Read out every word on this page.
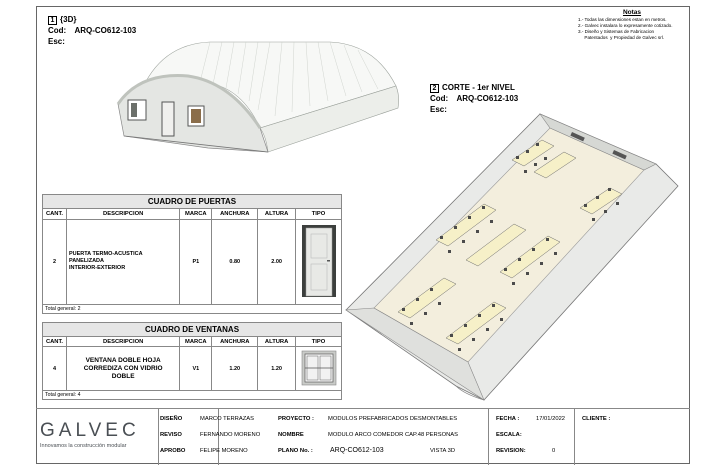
1 {3D}
Cod: ARQ-CO612-103
Esc:
Notas
1.- Todas las dimensiones estan en metros.
2.- Galvec instalara lo expresamente cotizado.
3.- Diseño y Sistemas de Fabricacion
Patentados  y Propiedad de Galvec srl.
2 CORTE - 1er NIVEL
Cod: ARQ-CO612-103
Esc:
CUADRO DE PUERTAS					
CANT.	DESCRIPCION	MARCA	ANCHURA	ALTURA	TIPO
2	PUERTA TERMO-ACUSTICA
PANELIZADA
INTERIOR-EXTERIOR	P1	0.80	2.00	
Total general: 2					
CUADRO DE VENTANAS					
CANT.	DESCRIPCION	MARCA	ANCHURA	ALTURA	TIPO
4	VENTANA DOBLE HOJA
CORREDIZA CON VIDRIO
DOBLE	V1	1.20	1.20	
Total general: 4					
GALVEC
Innovamos la construcción modular
DISEÑO	MARCO TERRAZAS	PROYECTO : MODULOS PREFABRICADOS DESMONTABLES
REVISO	FERNANDO MORENO	NOMBRE	MODULO ARCO COMEDOR CAP.48 PERSONAS
APROBO	FELIPE MORENO	PLANO No. : ARQ-CO612-103	VISTA 3D
FECHA :	17/01/2022
ESCALA:
REVISION:	0
CLIENTE :
